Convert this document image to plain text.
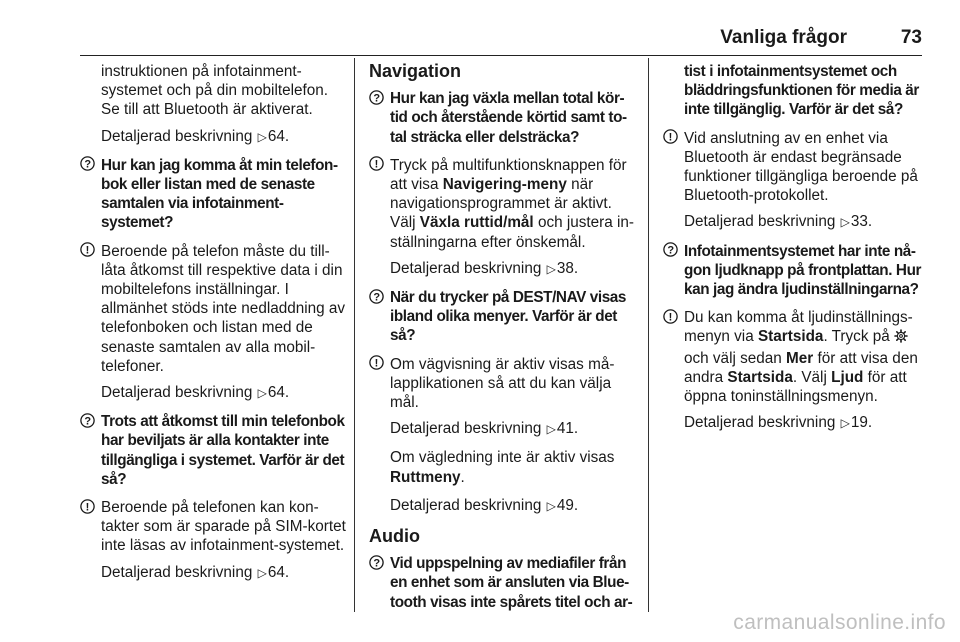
Vanliga frågor	73
instruktionen på infotainment-systemet och på din mobiltelefon. Se till att Bluetooth är aktiverat.
Detaljerad beskrivning ▷64.
? Hur kan jag komma åt min telefon-bok eller listan med de senaste samtalen via infotainment-systemet?
! Beroende på telefon måste du till-låta åtkomst till respektive data i din mobiltelefons inställningar. I allmänhet stöds inte nedladdning av telefonboken och listan med de senaste samtalen av alla mobil-telefoner.
Detaljerad beskrivning ▷64.
? Trots att åtkomst till min telefonbok har beviljats är alla kontakter inte tillgängliga i systemet. Varför är det så?
! Beroende på telefonen kan kon-takter som är sparade på SIM-kortet inte läsas av infotainment-systemet.
Detaljerad beskrivning ▷64.
Navigation
? Hur kan jag växla mellan total kör-tid och återstående körtid samt to-tal sträcka eller delsträcka?
! Tryck på multifunktionsknappen för att visa Navigering-meny när navigationsprogrammet är aktivt. Välj Växla ruttid/mål och justera in-ställningarna efter önskemål.
Detaljerad beskrivning ▷38.
? När du trycker på DEST/NAV visas ibland olika menyer. Varför är det så?
! Om vägvisning är aktiv visas må-lapplikationen så att du kan välja mål.
Detaljerad beskrivning ▷41.
Om vägledning inte är aktiv visas Ruttmeny.
Detaljerad beskrivning ▷49.
Audio
? Vid uppspelning av mediafiler från en enhet som är ansluten via Blue-tooth visas inte spårets titel och ar-
tist i infotainmentsystemet och bläddringsfunktionen för media är inte tillgänglig. Varför är det så?
! Vid anslutning av en enhet via Bluetooth är endast begränsade funktioner tillgängliga beroende på Bluetooth-protokollet.
Detaljerad beskrivning ▷33.
? Infotainmentsystemet har inte nå-gon ljudknapp på frontplattan. Hur kan jag ändra ljudinställningarna?
! Du kan komma åt ljudinställnings-menyn via Startsida. Tryck på  och välj sedan Mer för att visa den andra Startsida. Välj Ljud för att öppna toninställningsmenyn.
Detaljerad beskrivning ▷19.
carmanualsonline.info
